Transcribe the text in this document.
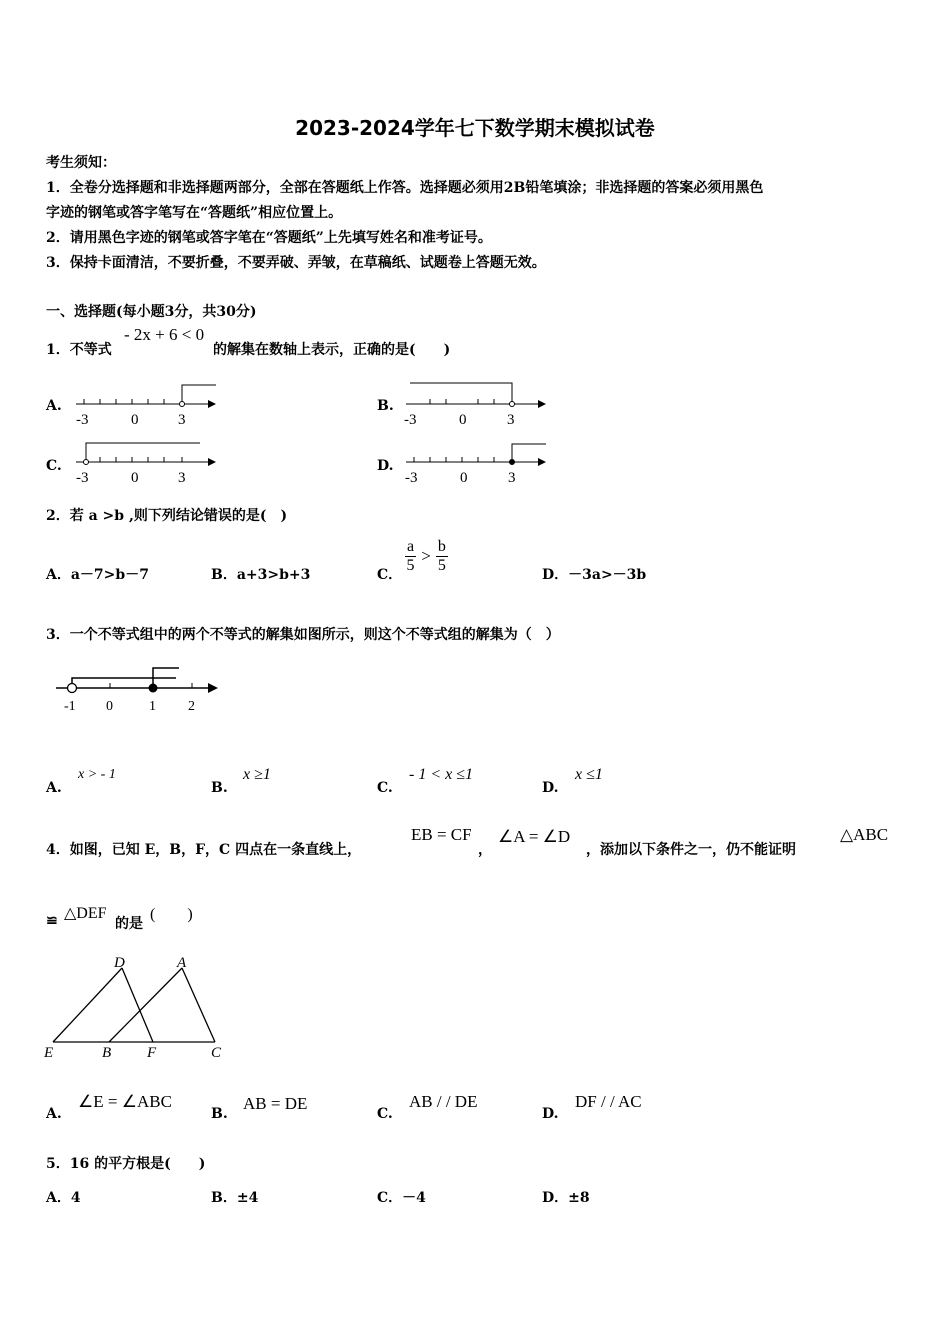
2023-2024学年七下数学期末模拟试卷
考生须知：
1．全卷分选择题和非选择题两部分，全部在答题纸上作答。选择题必须用2B铅笔填涂；非选择题的答案必须用黑色
字迹的钢笔或答字笔写在“答题纸”相应位置上。
2．请用黑色字迹的钢笔或答字笔在“答题纸”上先填写姓名和准考证号。
3．保持卡面清洁，不要折叠，不要弄破、弄皱，在草稿纸、试题卷上答题无效。
一、选择题(每小题3分，共30分)
1．不等式
- 2x + 6 < 0
的解集在数轴上表示，正确的是(　　)
A.	B.
C.	D.
-3	0	3	-3	0	3
-3	0	3	-3	0	3
2．若 a >b ,则下列结论错误的是(　)
A．a－7>b－7	B．a+3>b+3	C． $\frac{a}{5} > \frac{b}{5}$	D．－3a>－3b
3．一个不等式组中的两个不等式的解集如图所示，则这个不等式组的解集为（　）
-1 0	1 2
A.
x > - 1
B.
x ≥1
C.
- 1 < x ≤1
D.
x ≤1
4．如图，已知 E，B，F，C 四点在一条直线上，
EB = CF
，
∠A = ∠D
，添加以下条件之一，仍不能证明
△ABC
≌ △DEF
的是
(　　)
D	A
E	B F	C
A.
∠E = ∠ABC
B.
AB = DE
C.
AB / / DE
D.
DF / / AC
5．16 的平方根是(　　)
A．4	B．±4	C．－4	D．±8
